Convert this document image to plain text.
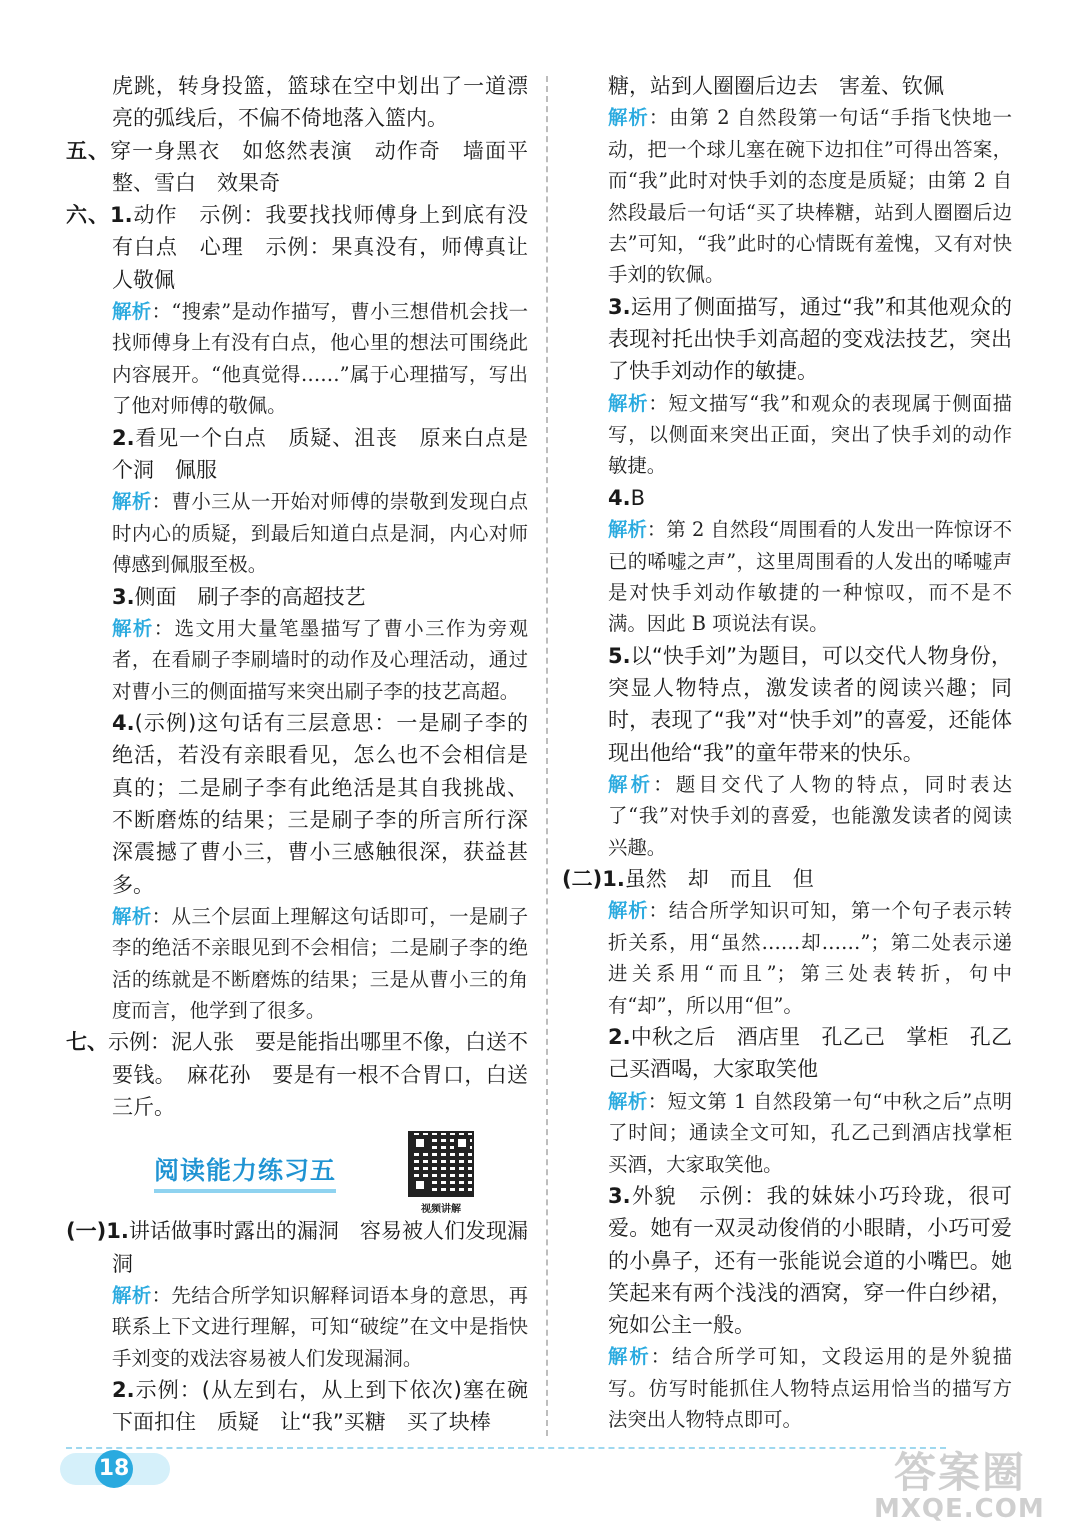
虎跳，转身投篮，篮球在空中划出了一道漂亮的弧线后，不偏不倚地落入篮内。

五、穿一身黑衣　如悠然表演　动作奇　墙面平整、雪白　效果奇

六、1.动作　示例：我要找找师傅身上到底有没有白点　心理　示例：果真没有，师傅真让人敬佩

解析：“搜索”是动作描写，曹小三想借机会找一找师傅身上有没有白点，他心里的想法可围绕此内容展开。“他真觉得……”属于心理描写，写出了他对师傅的敬佩。

2.看见一个白点　质疑、沮丧　原来白点是个洞　佩服

解析：曹小三从一开始对师傅的崇敬到发现白点时内心的质疑，到最后知道白点是洞，内心对师傅感到佩服至极。

3.侧面　刷子李的高超技艺

解析：选文用大量笔墨描写了曹小三作为旁观者，在看刷子李刷墙时的动作及心理活动，通过对曹小三的侧面描写来突出刷子李的技艺高超。

4.(示例)这句话有三层意思：一是刷子李的绝活，若没有亲眼看见，怎么也不会相信是真的；二是刷子李有此绝活是其自我挑战、不断磨炼的结果；三是刷子李的所言所行深深震撼了曹小三，曹小三感触很深，获益甚多。

解析：从三个层面上理解这句话即可，一是刷子李的绝活不亲眼见到不会相信；二是刷子李的绝活的练就是不断磨炼的结果；三是从曹小三的角度而言，他学到了很多。

七、示例：泥人张　要是能指出哪里不像，白送不要钱。　麻花孙　要是有一根不合胃口，白送三斤。

阅读能力练习五
视频讲解

(一)1.讲话做事时露出的漏洞　容易被人们发现漏洞

解析：先结合所学知识解释词语本身的意思，再联系上下文进行理解，可知“破绽”在文中是指快手刘变的戏法容易被人们发现漏洞。

2.示例：(从左到右，从上到下依次)塞在碗下面扣住　质疑　让“我”买糖　买了块棒

糖，站到人圈圈后边去　害羞、钦佩

解析：由第 2 自然段第一句话“手指飞快地一动，把一个球儿塞在碗下边扣住”可得出答案，而“我”此时对快手刘的态度是质疑；由第 2 自然段最后一句话“买了块棒糖，站到人圈圈后边去”可知，“我”此时的心情既有羞愧，又有对快手刘的钦佩。

3.运用了侧面描写，通过“我”和其他观众的表现衬托出快手刘高超的变戏法技艺，突出了快手刘动作的敏捷。

解析：短文描写“我”和观众的表现属于侧面描写，以侧面来突出正面，突出了快手刘的动作敏捷。

4.B

解析：第 2 自然段“周围看的人发出一阵惊讶不已的唏嘘之声”，这里周围看的人发出的唏嘘声是对快手刘动作敏捷的一种惊叹，而不是不满。因此 B 项说法有误。

5.以“快手刘”为题目，可以交代人物身份，突显人物特点，激发读者的阅读兴趣；同时，表现了“我”对“快手刘”的喜爱，还能体现出他给“我”的童年带来的快乐。

解析：题目交代了人物的特点，同时表达了“我”对快手刘的喜爱，也能激发读者的阅读兴趣。

(二)1.虽然　却　而且　但

解析：结合所学知识可知，第一个句子表示转折关系，用“虽然……却……”；第二处表示递进关系用“而且”；第三处表转折，句中有“却”，所以用“但”。

2.中秋之后　酒店里　孔乙己　掌柜　孔乙己买酒喝，大家取笑他

解析：短文第 1 自然段第一句“中秋之后”点明了时间；通读全文可知，孔乙己到酒店找掌柜买酒，大家取笑他。

3.外貌　示例：我的妹妹小巧玲珑，很可爱。她有一双灵动俊俏的小眼睛，小巧可爱的小鼻子，还有一张能说会道的小嘴巴。她笑起来有两个浅浅的酒窝，穿一件白纱裙，宛如公主一般。

解析：结合所学可知，文段运用的是外貌描写。仿写时能抓住人物特点运用恰当的描写方法突出人物特点即可。

18	答案圈
MXQE.COM
